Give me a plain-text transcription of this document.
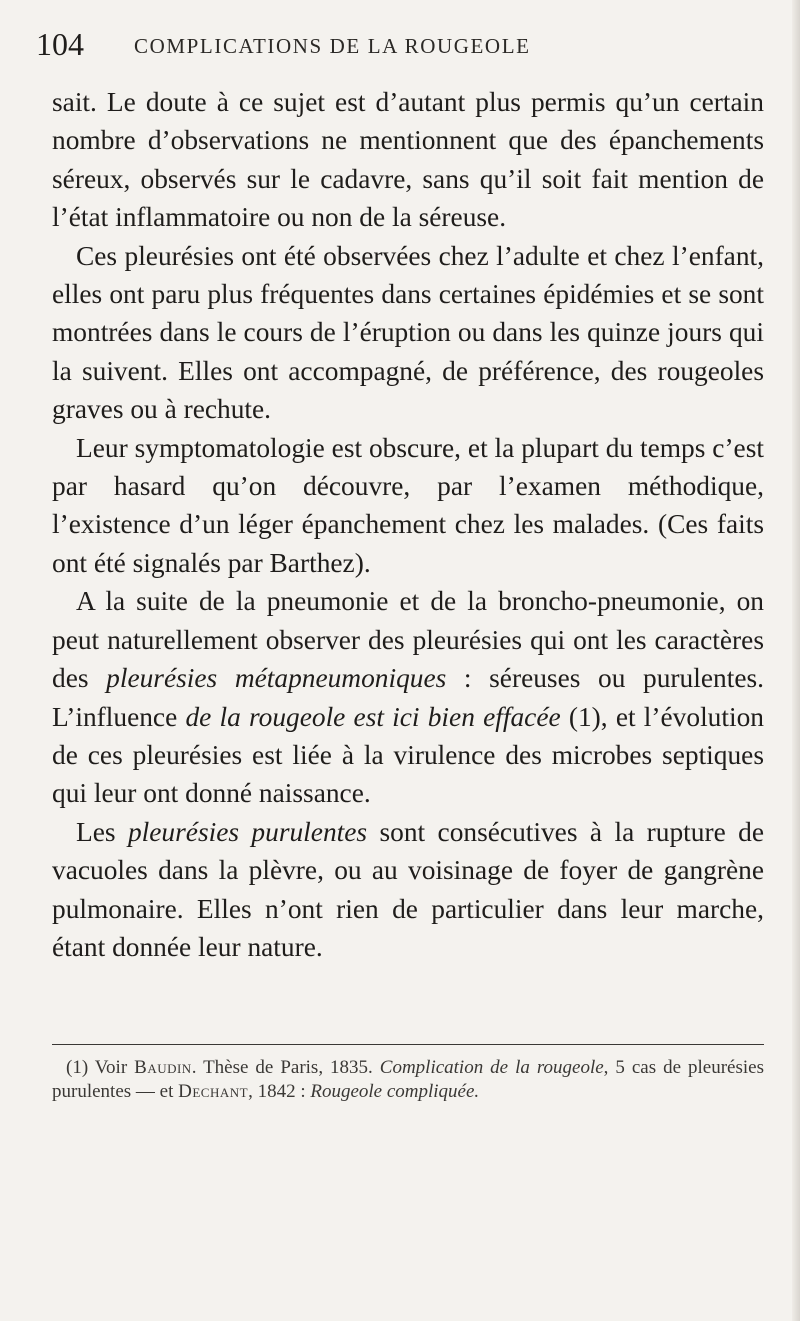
104 COMPLICATIONS DE LA ROUGEOLE

sait. Le doute à ce sujet est d’autant plus permis qu’un certain nombre d’observations ne mentionnent que des épanchements séreux, observés sur le cadavre, sans qu’il soit fait mention de l’état inflammatoire ou non de la séreuse.

Ces pleurésies ont été observées chez l’adulte et chez l’enfant, elles ont paru plus fréquentes dans certaines épidémies et se sont montrées dans le cours de l’éruption ou dans les quinze jours qui la suivent. Elles ont accompagné, de préférence, des rougeoles graves ou à rechute.

Leur symptomatologie est obscure, et la plupart du temps c’est par hasard qu’on découvre, par l’examen méthodique, l’existence d’un léger épanchement chez les malades. (Ces faits ont été signalés par Barthez).

A la suite de la pneumonie et de la broncho-pneumonie, on peut naturellement observer des pleurésies qui ont les caractères des pleurésies métapneumoniques : séreuses ou purulentes. L’influence de la rougeole est ici bien effacée (1), et l’évolution de ces pleurésies est liée à la virulence des microbes septiques qui leur ont donné naissance.

Les pleurésies purulentes sont consécutives à la rupture de vacuoles dans la plèvre, ou au voisinage de foyer de gangrène pulmonaire. Elles n’ont rien de particulier dans leur marche, étant donnée leur nature.

(1) Voir Baudin. Thèse de Paris, 1835. Complication de la rougeole, 5 cas de pleurésies purulentes — et Dechant, 1842 : Rougeole compliquée.
